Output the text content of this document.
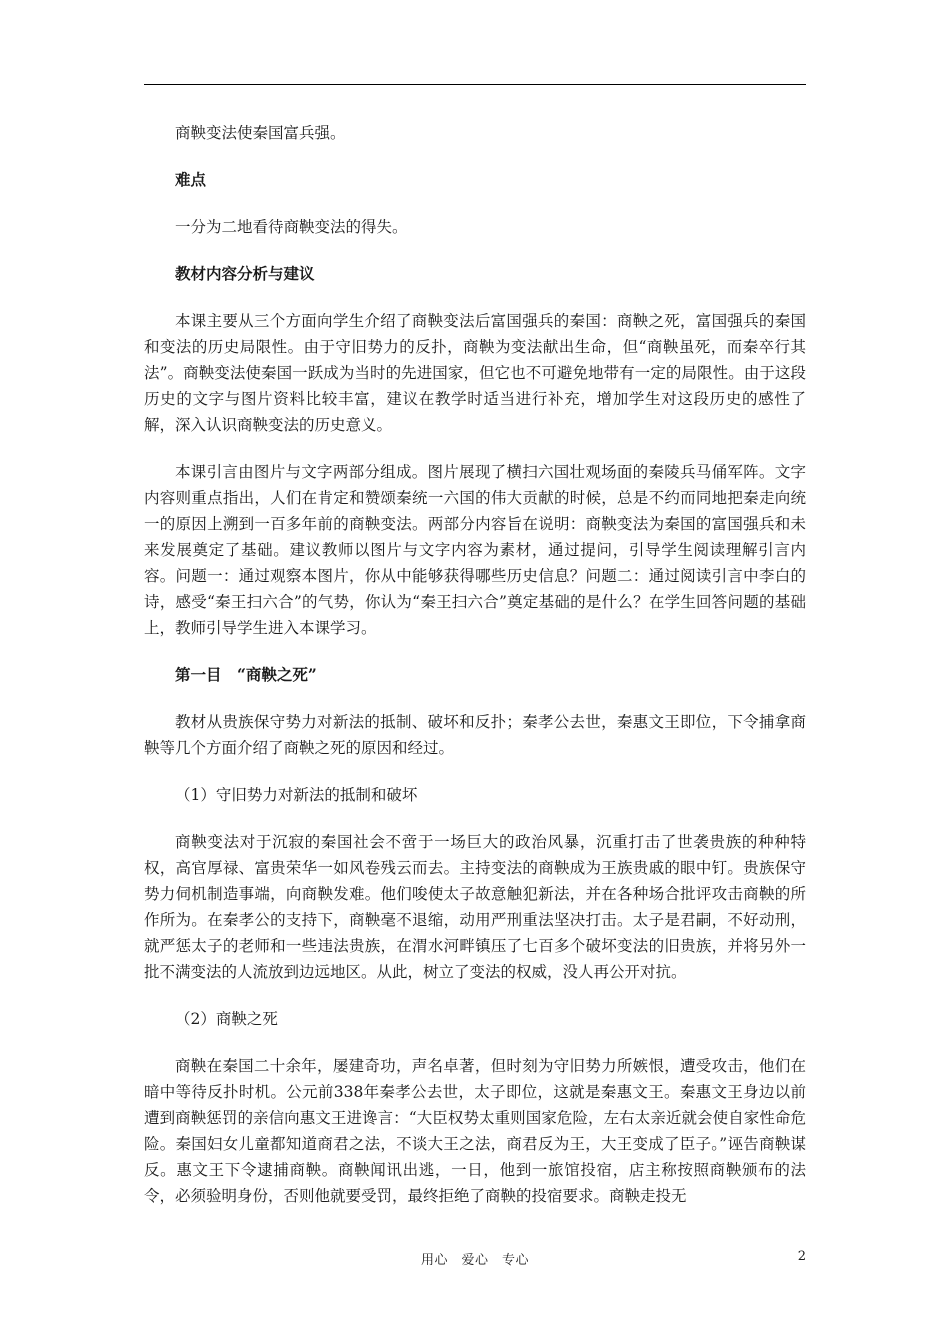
商鞅变法使秦国富兵强。

难点

一分为二地看待商鞅变法的得失。

教材内容分析与建议

本课主要从三个方面向学生介绍了商鞅变法后富国强兵的秦国：商鞅之死，富国强兵的秦国和变法的历史局限性。由于守旧势力的反扑，商鞅为变法献出生命，但“商鞅虽死，而秦卒行其法”。商鞅变法使秦国一跃成为当时的先进国家，但它也不可避免地带有一定的局限性。由于这段历史的文字与图片资料比较丰富，建议在教学时适当进行补充，增加学生对这段历史的感性了解，深入认识商鞅变法的历史意义。

本课引言由图片与文字两部分组成。图片展现了横扫六国壮观场面的秦陵兵马俑军阵。文字内容则重点指出，人们在肯定和赞颂秦统一六国的伟大贡献的时候，总是不约而同地把秦走向统一的原因上溯到一百多年前的商鞅变法。两部分内容旨在说明：商鞅变法为秦国的富国强兵和未来发展奠定了基础。建议教师以图片与文字内容为素材，通过提问，引导学生阅读理解引言内容。问题一：通过观察本图片，你从中能够获得哪些历史信息？问题二：通过阅读引言中李白的诗，感受“秦王扫六合”的气势，你认为“秦王扫六合”奠定基础的是什么？在学生回答问题的基础上，教师引导学生进入本课学习。

第一目　“商鞅之死”

教材从贵族保守势力对新法的抵制、破坏和反扑；秦孝公去世，秦惠文王即位，下令捕拿商鞅等几个方面介绍了商鞅之死的原因和经过。

（1）守旧势力对新法的抵制和破坏

商鞅变法对于沉寂的秦国社会不啻于一场巨大的政治风暴，沉重打击了世袭贵族的种种特权，高官厚禄、富贵荣华一如风卷残云而去。主持变法的商鞅成为王族贵戚的眼中钉。贵族保守势力伺机制造事端，向商鞅发难。他们唆使太子故意触犯新法，并在各种场合批评攻击商鞅的所作所为。在秦孝公的支持下，商鞅毫不退缩，动用严刑重法坚决打击。太子是君嗣，不好动刑，就严惩太子的老师和一些违法贵族，在渭水河畔镇压了七百多个破坏变法的旧贵族，并将另外一批不满变法的人流放到边远地区。从此，树立了变法的权威，没人再公开对抗。

（2）商鞅之死

商鞅在秦国二十余年，屡建奇功，声名卓著，但时刻为守旧势力所嫉恨，遭受攻击，他们在暗中等待反扑时机。公元前338年秦孝公去世，太子即位，这就是秦惠文王。秦惠文王身边以前遭到商鞅惩罚的亲信向惠文王进谗言：“大臣权势太重则国家危险，左右太亲近就会使自家性命危险。秦国妇女儿童都知道商君之法，不谈大王之法，商君反为王，大王变成了臣子。”诬告商鞅谋反。惠文王下令逮捕商鞅。商鞅闻讯出逃，一日，他到一旅馆投宿，店主称按照商鞅颁布的法令，必须验明身份，否则他就要受罚，最终拒绝了商鞅的投宿要求。商鞅走投无

用心　爱心　专心	2
